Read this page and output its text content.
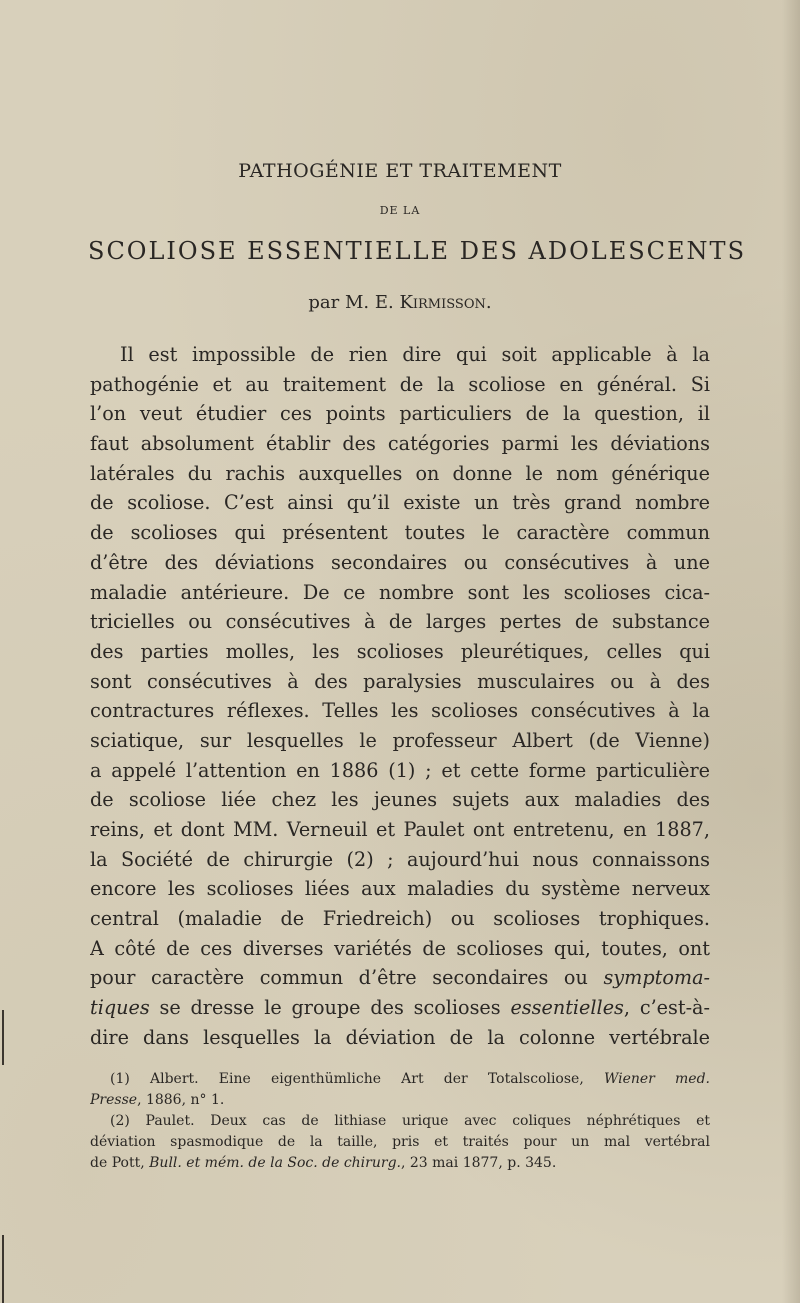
PATHOGÉNIE ET TRAITEMENT
DE LA
SCOLIOSE ESSENTIELLE DES ADOLESCENTS
par M. E. Kirmisson.
Il est impossible de rien dire qui soit applicable à la
pathogénie et au traitement de la scoliose en général. Si
l’on veut étudier ces points particuliers de la question, il
faut absolument établir des catégories parmi les déviations
latérales du rachis auxquelles on donne le nom générique
de scoliose. C’est ainsi qu’il existe un très grand nombre
de scolioses qui présentent toutes le caractère commun
d’être des déviations secondaires ou consécutives à une
maladie antérieure. De ce nombre sont les scolioses cica-
tricielles ou consécutives à de larges pertes de substance
des parties molles, les scolioses pleurétiques, celles qui
sont consécutives à des paralysies musculaires ou à des
contractures réflexes. Telles les scolioses consécutives à la
sciatique, sur lesquelles le professeur Albert (de Vienne)
a appelé l’attention en 1886 (1) ; et cette forme particulière
de scoliose liée chez les jeunes sujets aux maladies des
reins, et dont MM. Verneuil et Paulet ont entretenu, en 1887,
la Société de chirurgie (2) ; aujourd’hui nous connaissons
encore les scolioses liées aux maladies du système nerveux
central (maladie de Friedreich) ou scolioses trophiques.
A côté de ces diverses variétés de scolioses qui, toutes, ont
pour caractère commun d’être secondaires ou symptoma-
tiques se dresse le groupe des scolioses essentielles, c’est-à-
dire dans lesquelles la déviation de la colonne vertébrale
(1) Albert. Eine eigenthümliche Art der Totalscoliose, Wiener med.
Presse, 1886, n° 1.
(2) Paulet. Deux cas de lithiase urique avec coliques néphrétiques et
déviation spasmodique de la taille, pris et traités pour un mal vertébral
de Pott, Bull. et mém. de la Soc. de chirurg., 23 mai 1877, p. 345.
